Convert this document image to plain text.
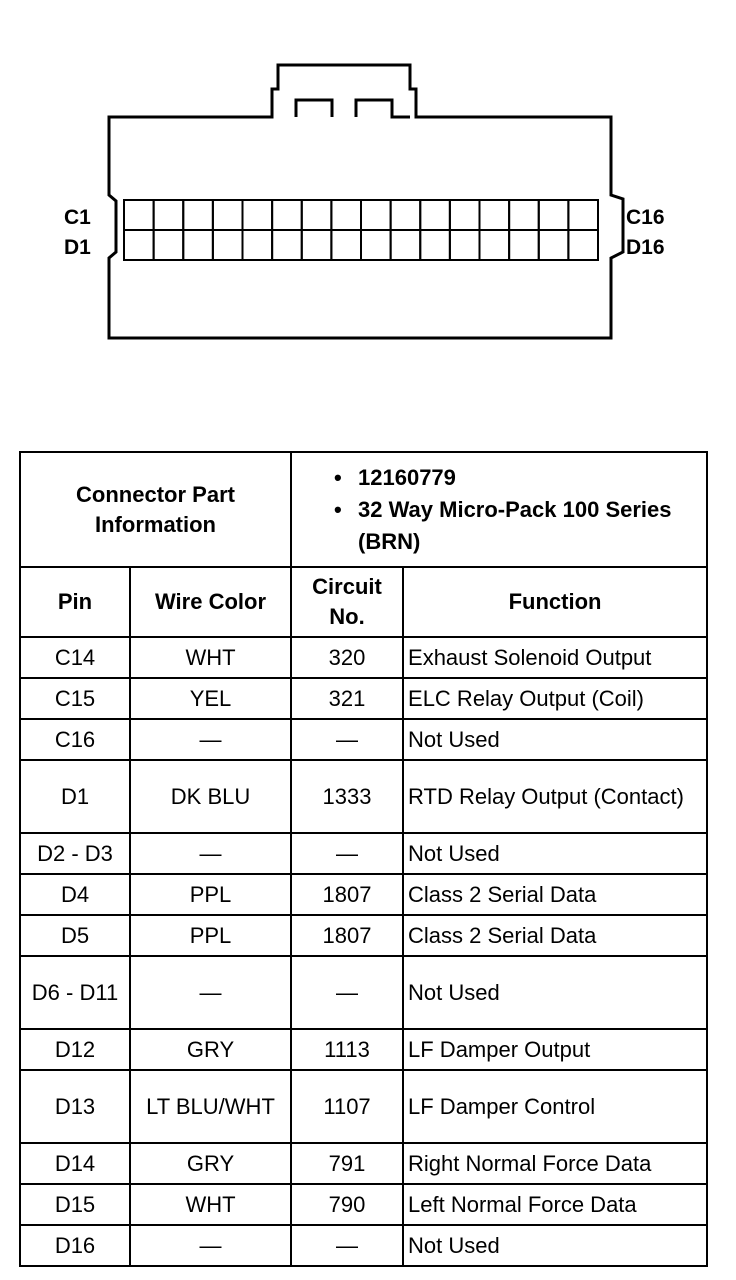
C1
D1
C16
D16
Connector Part Information		• 12160779
• 32 Way Micro-Pack 100 Series (BRN)

Pin	Wire Color	Circuit No.	Function
C14	WHT	320	Exhaust Solenoid Output
C15	YEL	321	ELC Relay Output (Coil)
C16	—	—	Not Used
D1	DK BLU	1333	RTD Relay Output (Contact)
D2 - D3	—	—	Not Used
D4	PPL	1807	Class 2 Serial Data
D5	PPL	1807	Class 2 Serial Data
D6 - D11	—	—	Not Used
D12	GRY	1113	LF Damper Output
D13	LT BLU/WHT	1107	LF Damper Control
D14	GRY	791	Right Normal Force Data
D15	WHT	790	Left Normal Force Data
D16	—	—	Not Used
